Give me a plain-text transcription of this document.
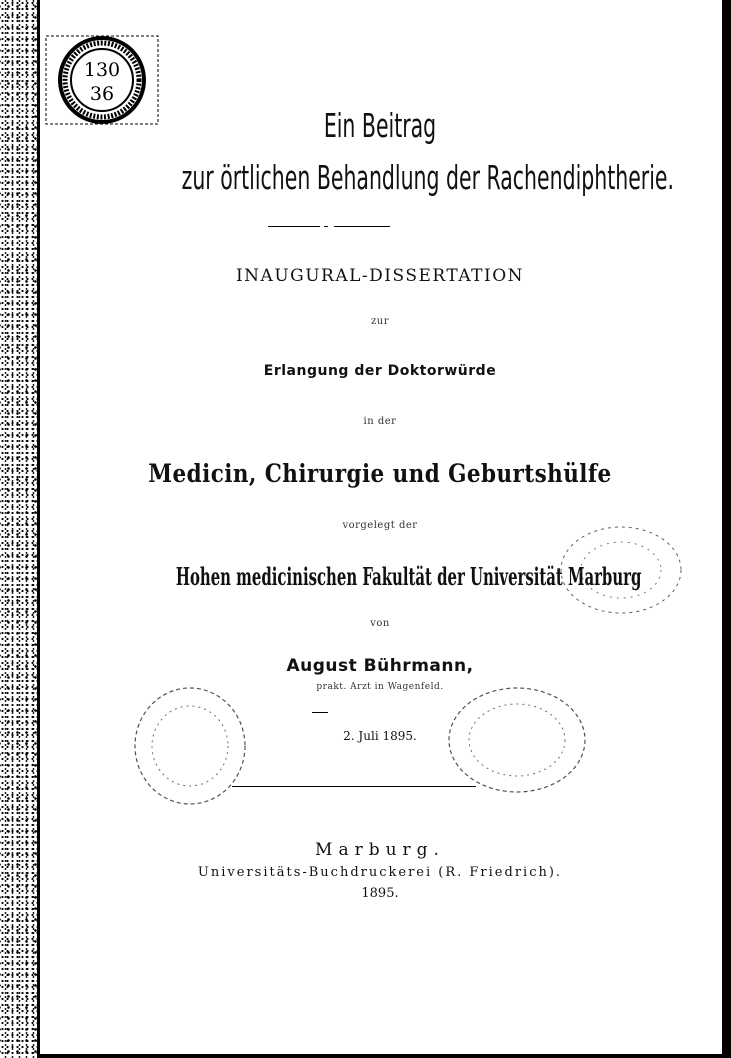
130
36
Ein Beitrag
zur örtlichen Behandlung der Rachendiphtherie.
INAUGURAL-DISSERTATION
zur
Erlangung der Doktorwürde
in der
Medicin, Chirurgie und Geburtshülfe
vorgelegt der
Hohen medicinischen Fakultät der Universität Marburg
von
August Bührmann,
prakt. Arzt in Wagenfeld.
2. Juli 1895.
Marburg.
Universitäts-Buchdruckerei (R. Friedrich).
1895.
